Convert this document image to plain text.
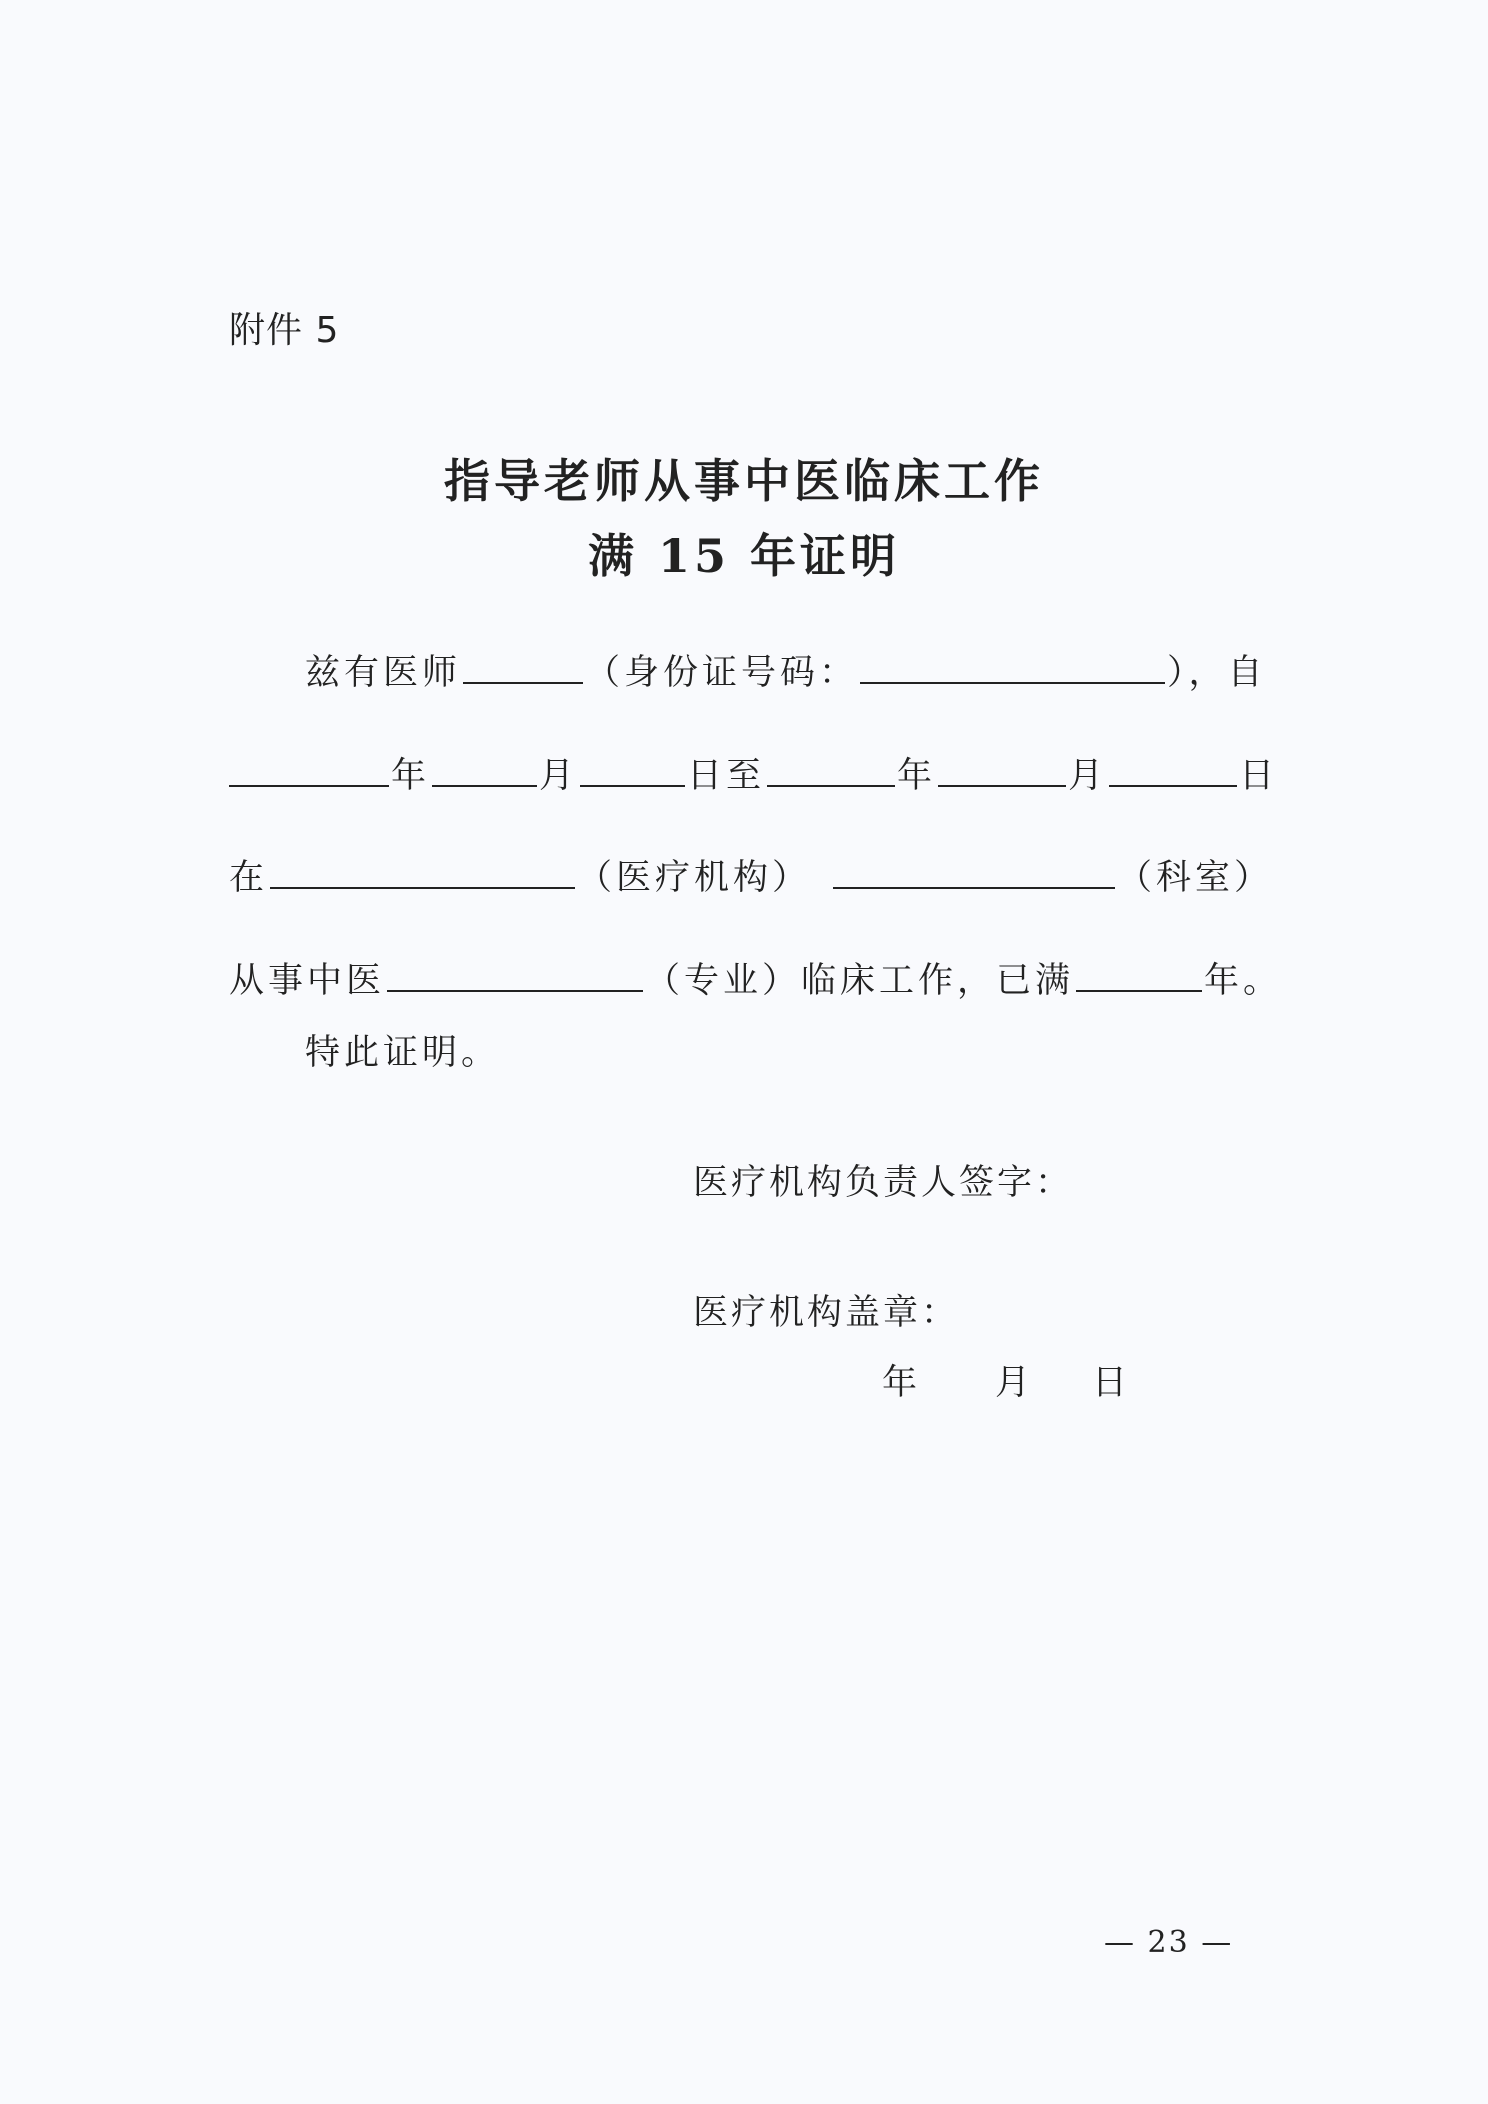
附件 5
指导老师从事中医临床工作
满 15 年证明
兹有医师	（身份证号码：	），自
年	月	日至	年	月	日
在	（医疗机构）	（科室）
从事中医	（专业）临床工作，已满	年。
特此证明。
医疗机构负责人签字：
医疗机构盖章：
年 月 日
— 23 —
